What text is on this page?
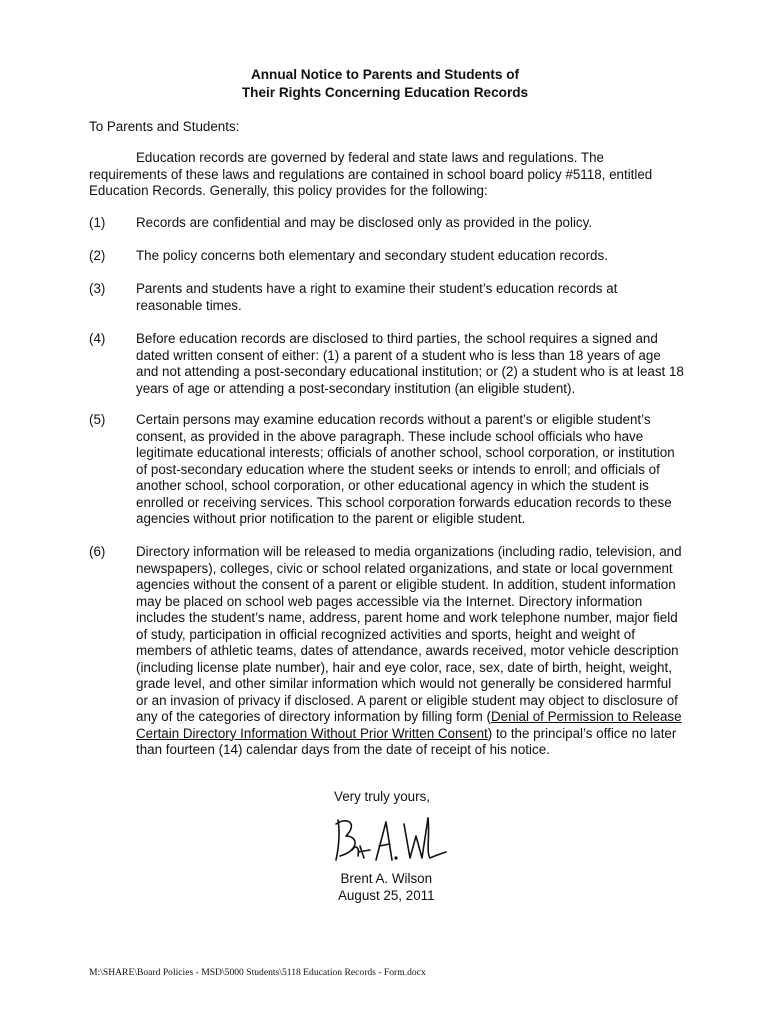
Annual Notice to Parents and Students of
Their Rights Concerning Education Records
To Parents and Students:

Education records are governed by federal and state laws and regulations. The requirements of these laws and regulations are contained in school board policy #5118, entitled Education Records. Generally, this policy provides for the following:

(1) Records are confidential and may be disclosed only as provided in the policy.
(2) The policy concerns both elementary and secondary student education records.
(3) Parents and students have a right to examine their student’s education records at reasonable times.
(4) Before education records are disclosed to third parties, the school requires a signed and dated written consent of either: (1) a parent of a student who is less than 18 years of age and not attending a post-secondary educational institution; or (2) a student who is at least 18 years of age or attending a post-secondary institution (an eligible student).
(5) Certain persons may examine education records without a parent’s or eligible student’s consent, as provided in the above paragraph. These include school officials who have legitimate educational interests; officials of another school, school corporation, or institution of post-secondary education where the student seeks or intends to enroll; and officials of another school, school corporation, or other educational agency in which the student is enrolled or receiving services. This school corporation forwards education records to these agencies without prior notification to the parent or eligible student.
(6) Directory information will be released to media organizations (including radio, television, and newspapers), colleges, civic or school related organizations, and state or local government agencies without the consent of a parent or eligible student. In addition, student information may be placed on school web pages accessible via the Internet. Directory information includes the student’s name, address, parent home and work telephone number, major field of study, participation in official recognized activities and sports, height and weight of members of athletic teams, dates of attendance, awards received, motor vehicle description (including license plate number), hair and eye color, race, sex, date of birth, height, weight, grade level, and other similar information which would not generally be considered harmful or an invasion of privacy if disclosed. A parent or eligible student may object to disclosure of any of the categories of directory information by filling form (Denial of Permission to Release Certain Directory Information Without Prior Written Consent) to the principal’s office no later than fourteen (14) calendar days from the date of receipt of his notice.
Very truly yours,
Brent A. Wilson
August 25, 2011
M:\SHARE\Board Policies - MSD\5000 Students\5118 Education Records - Form.docx
